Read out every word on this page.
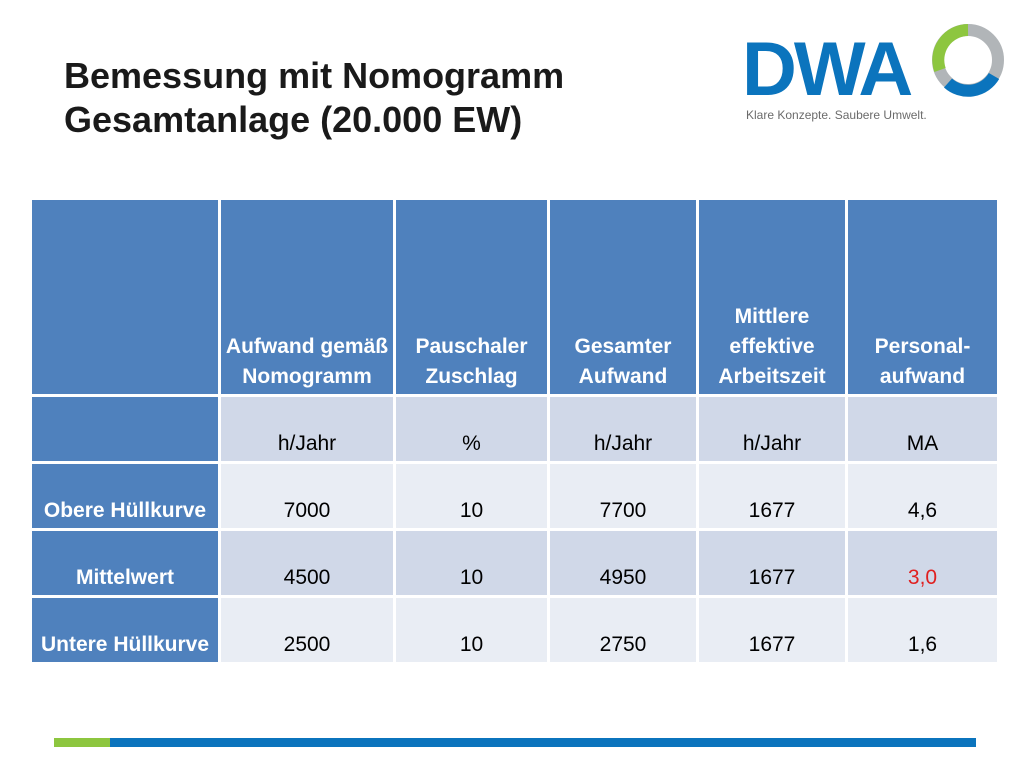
Bemessung mit Nomogramm
Gesamtanlage (20.000 EW)
DWA
Klare Konzepte. Saubere Umwelt.
	Aufwand gemäß Nomogramm	Pauschaler Zuschlag	Gesamter Aufwand	Mittlere effektive Arbeitszeit	Personal-aufwand
	h/Jahr	%	h/Jahr	h/Jahr	MA
Obere Hüllkurve	7000	10	7700	1677	4,6
Mittelwert	4500	10	4950	1677	3,0
Untere Hüllkurve	2500	10	2750	1677	1,6
